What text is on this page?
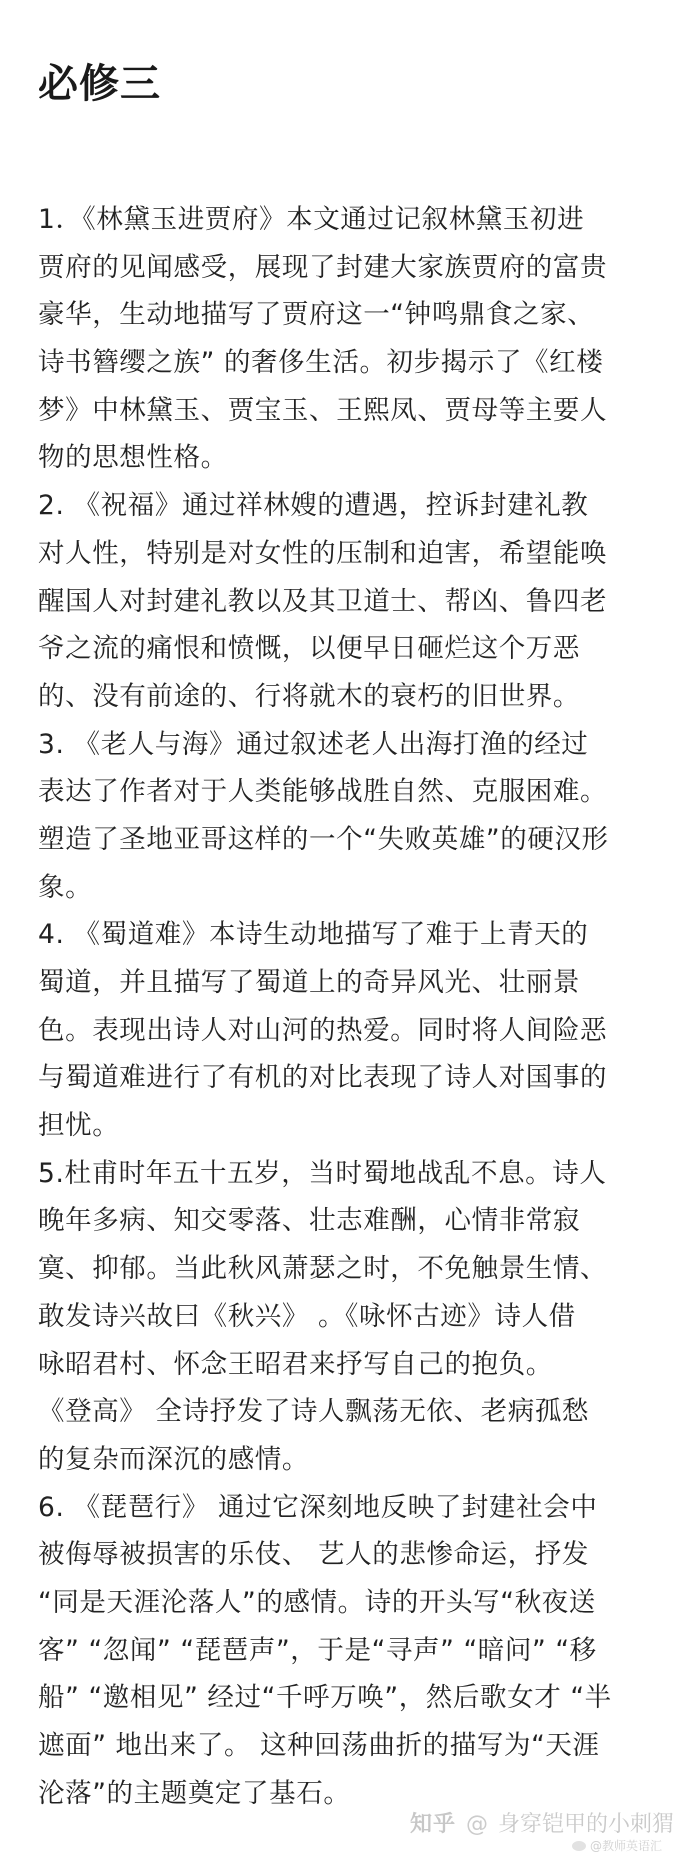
必修三
1．《林黛玉进贾府》本文通过记叙林黛玉初进
贾府的见闻感受，展现了封建大家族贾府的富贵
豪华，生动地描写了贾府这一“钟鸣鼎食之家、
诗书簪缨之族” 的奢侈生活。初步揭示了《红楼
梦》中林黛玉、贾宝玉、王熙凤、贾母等主要人
物的思想性格。
2. 《祝福》通过祥林嫂的遭遇，控诉封建礼教
对人性，特别是对女性的压制和迫害，希望能唤
醒国人对封建礼教以及其卫道士、帮凶、鲁四老
爷之流的痛恨和愤慨，以便早日砸烂这个万恶
的、没有前途的、行将就木的衰朽的旧世界。
3. 《老人与海》通过叙述老人出海打渔的经过
表达了作者对于人类能够战胜自然、克服困难。
塑造了圣地亚哥这样的一个“失败英雄”的硬汉形
象。
4. 《蜀道难》本诗生动地描写了难于上青天的
蜀道，并且描写了蜀道上的奇异风光、壮丽景
色。表现出诗人对山河的热爱。同时将人间险恶
与蜀道难进行了有机的对比表现了诗人对国事的
担忧。
5.杜甫时年五十五岁，当时蜀地战乱不息。诗人
晚年多病、知交零落、壮志难酬，心情非常寂
寞、抑郁。当此秋风萧瑟之时，不免触景生情、
敢发诗兴故曰《秋兴》 。《咏怀古迹》诗人借
咏昭君村、怀念王昭君来抒写自己的抱负。
《登高》 全诗抒发了诗人飘荡无依、老病孤愁
的复杂而深沉的感情。
6. 《琵琶行》 通过它深刻地反映了封建社会中
被侮辱被损害的乐伎、 艺人的悲惨命运，抒发
“同是天涯沦落人”的感情。诗的开头写“秋夜送
客” “忽闻” “琵琶声”，于是“寻声” “暗问” “移
船” “邀相见” 经过“千呼万唤”，然后歌女才 “半
遮面” 地出来了。 这种回荡曲折的描写为“天涯
沦落”的主题奠定了基石。
知乎 @ 身穿铠甲的小刺猬
@教师英语汇
